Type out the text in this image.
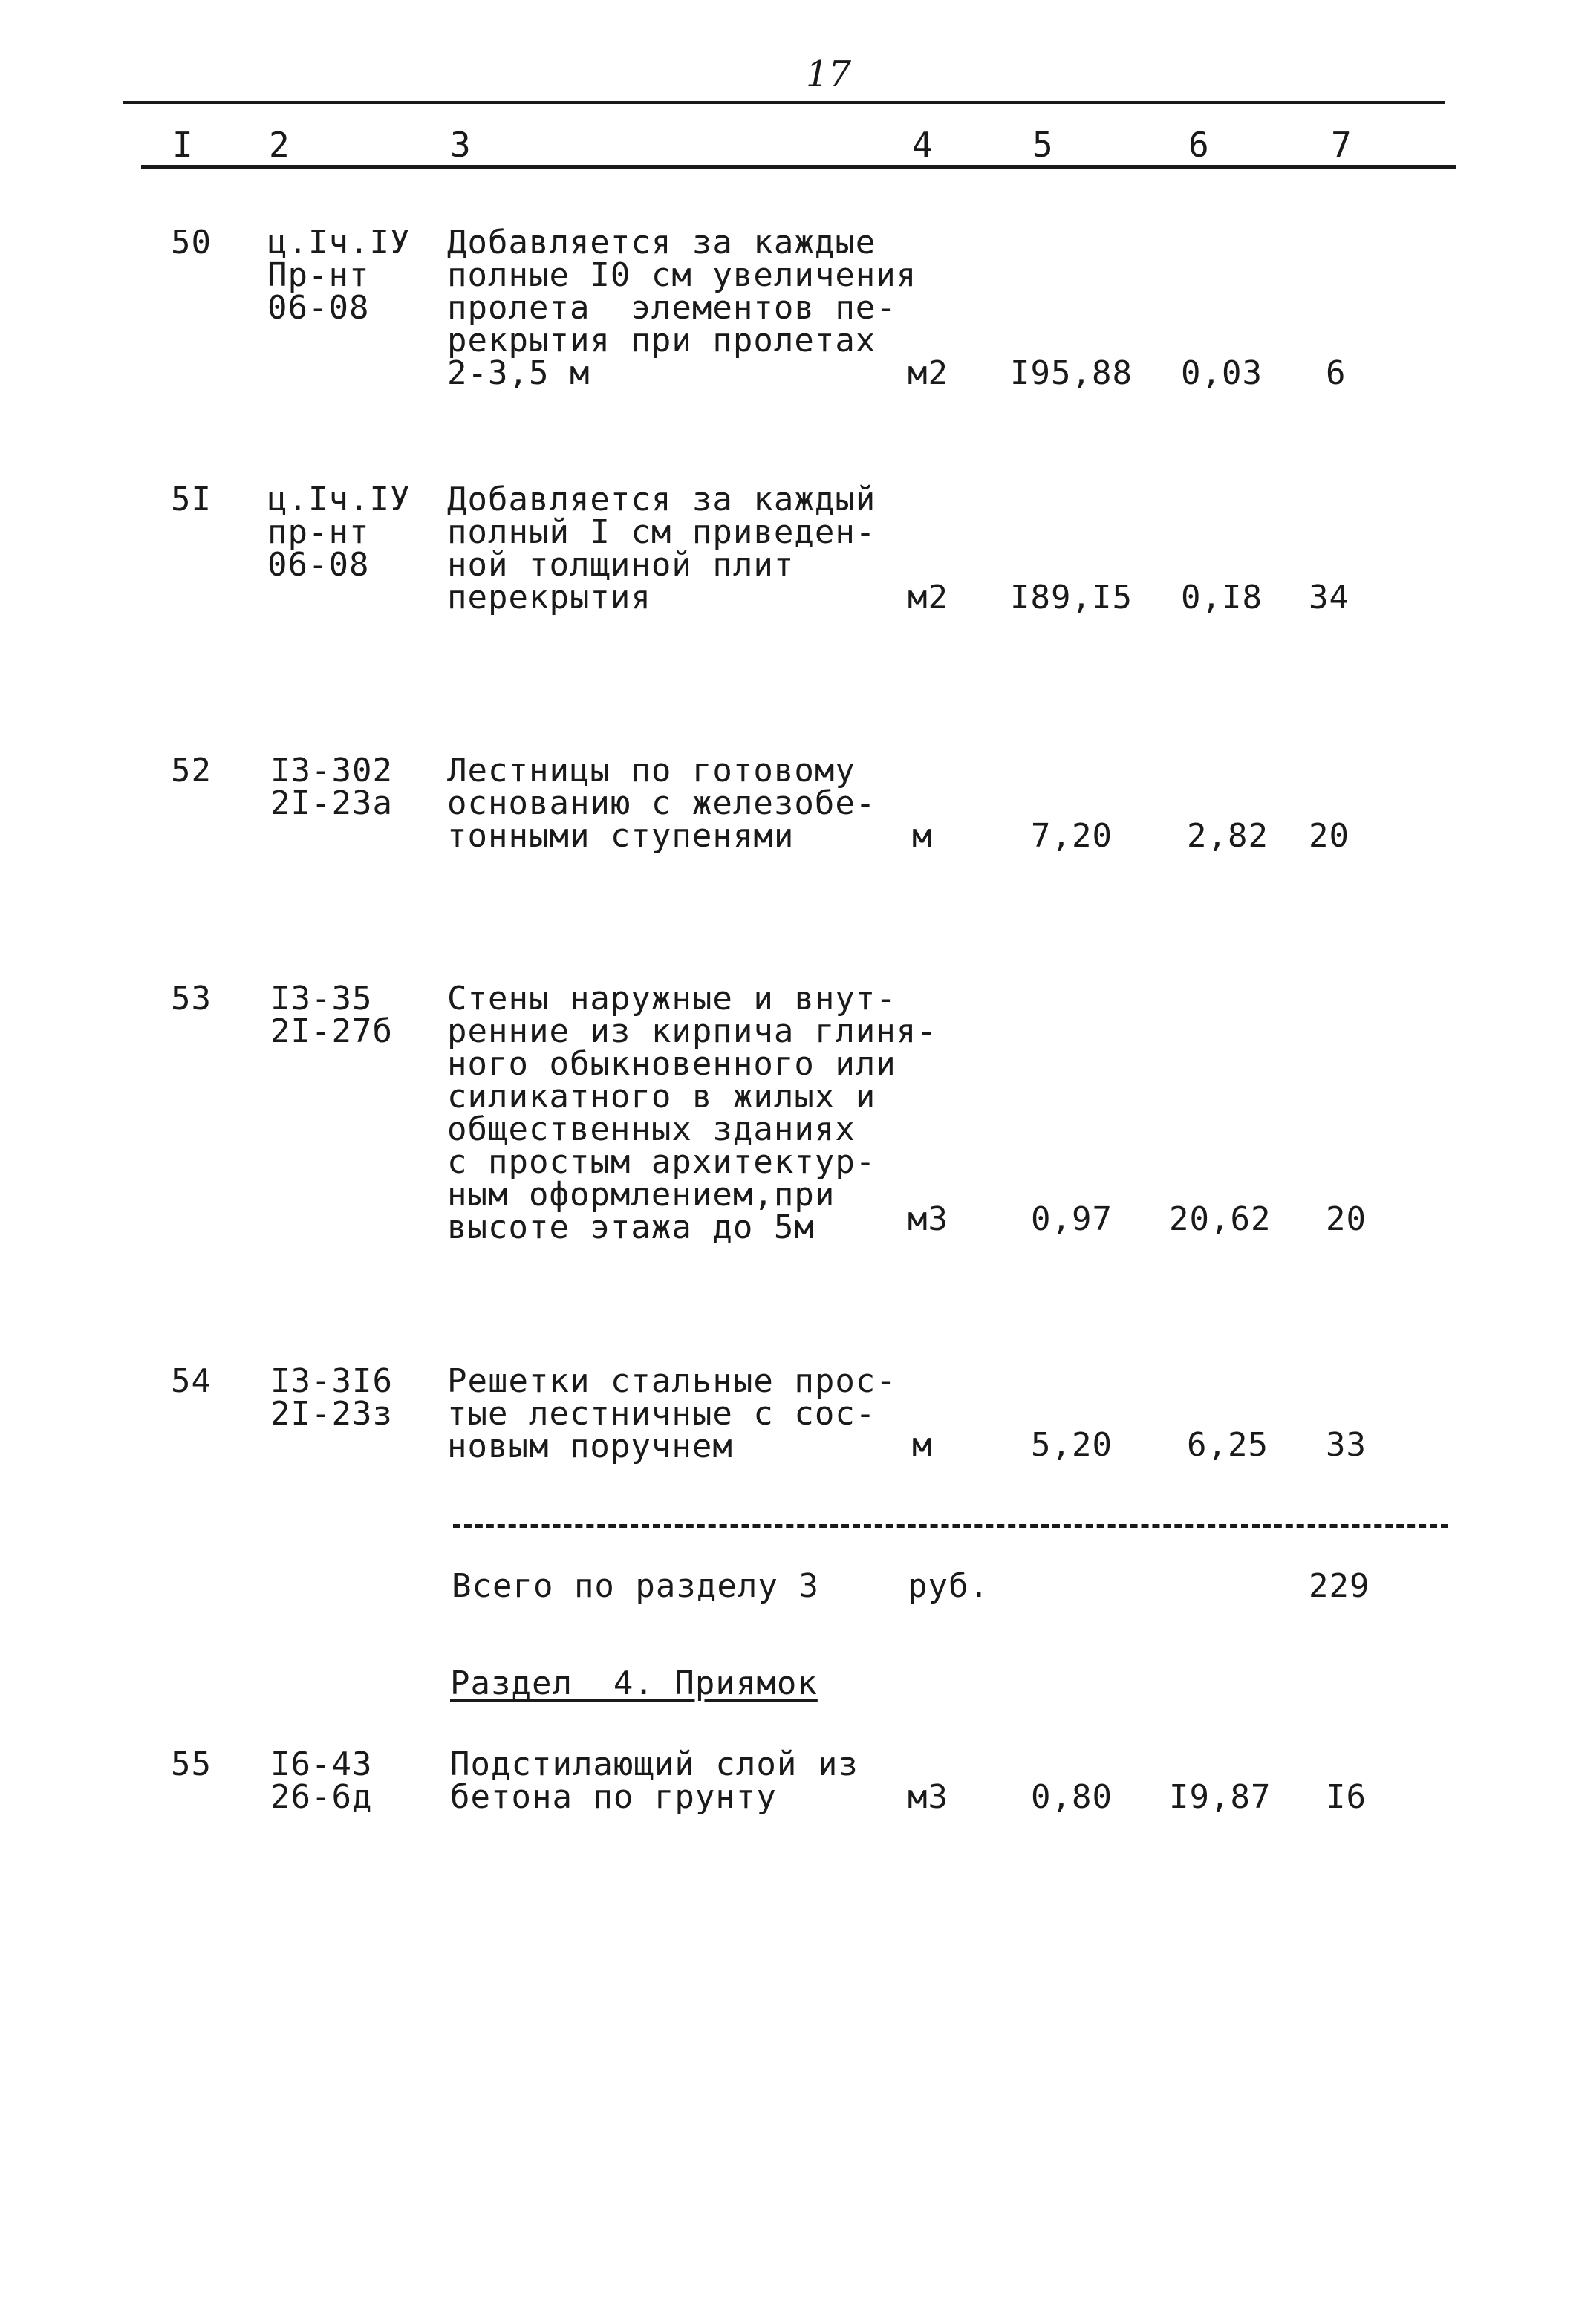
17
I 2	3	4	5	6	7
50 ц.Iч.IУ
Пр-нт
06-08
Добавляется за каждые
полные I0 см увеличения
пролета  элементов пе-
рекрытия при пролетах
2-3,5 м	м2 I95,88 0,03 6
5I ц.Iч.IУ
пр-нт
06-08
Добавляется за каждый
полный I см приведен-
ной толщиной плит
перекрытия	м2 I89,I5 0,I8 34
52 I3-302
2I-23а
Лестницы по готовому
основанию с железобе-
тонными ступенями	м	7,20 2,82 20
53 I3-35
2I-27б
Стены наружные и внут-
ренние из кирпича глиня-
ного обыкновенного или
силикатного в жилых и
общественных зданиях
с простым архитектур-
ным оформлением,при
высоте этажа до 5м	м3	0,97 20,62 20
54 I3-3I6
2I-23з
Решетки стальные прос-
тые лестничные с сос-
новым поручнем	м	5,20 6,25 33
Всего по разделу 3	руб.	229
Раздел  4. Приямок
55 I6-43
26-6д
Подстилающий слой из
бетона по грунту	м3	0,80 I9,87 I6
